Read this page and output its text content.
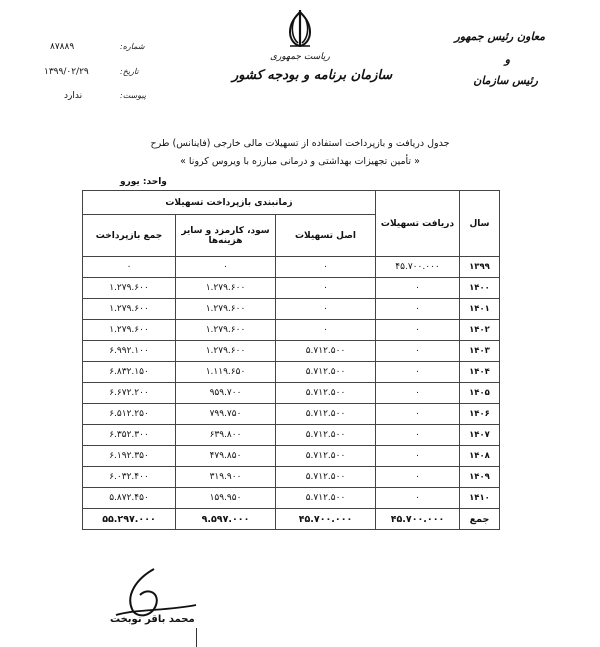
۸۷۸۸۹	شماره:
۱۳۹۹/۰۲/۲۹	تاریخ:
ندارد	پیوست:
ریاست جمهوری
سازمان برنامه و بودجه کشور
معاون رئیس جمهور
و
رئیس سازمان
جدول دریافت و بازپرداخت استفاده از تسهیلات مالی خارجی (فاینانس) طرح
« تأمین تجهیزات بهداشتی و درمانی مبارزه با ویروس کرونا »
واحد: یورو
سال	دریافت تسهیلات	زمانبندی بازپرداخت تسهیلات		
		اصل تسهیلات	سود، کارمزد و سایر هزینه‌ها	جمع بازپرداخت
۱۳۹۹	۴۵.۷۰۰.۰۰۰	۰	۰	۰
۱۴۰۰	۰	۰	۱.۲۷۹.۶۰۰	۱.۲۷۹.۶۰۰
۱۴۰۱	۰	۰	۱.۲۷۹.۶۰۰	۱.۲۷۹.۶۰۰
۱۴۰۲	۰	۰	۱.۲۷۹.۶۰۰	۱.۲۷۹.۶۰۰
۱۴۰۳	۰	۵.۷۱۲.۵۰۰	۱.۲۷۹.۶۰۰	۶.۹۹۲.۱۰۰
۱۴۰۴	۰	۵.۷۱۲.۵۰۰	۱.۱۱۹.۶۵۰	۶.۸۳۲.۱۵۰
۱۴۰۵	۰	۵.۷۱۲.۵۰۰	۹۵۹.۷۰۰	۶.۶۷۲.۲۰۰
۱۴۰۶	۰	۵.۷۱۲.۵۰۰	۷۹۹.۷۵۰	۶.۵۱۲.۲۵۰
۱۴۰۷	۰	۵.۷۱۲.۵۰۰	۶۳۹.۸۰۰	۶.۳۵۲.۳۰۰
۱۴۰۸	۰	۵.۷۱۲.۵۰۰	۴۷۹.۸۵۰	۶.۱۹۲.۳۵۰
۱۴۰۹	۰	۵.۷۱۲.۵۰۰	۳۱۹.۹۰۰	۶.۰۳۲.۴۰۰
۱۴۱۰	۰	۵.۷۱۲.۵۰۰	۱۵۹.۹۵۰	۵.۸۷۲.۴۵۰
جمع	۴۵.۷۰۰.۰۰۰	۴۵.۷۰۰.۰۰۰	۹.۵۹۷.۰۰۰	۵۵.۲۹۷.۰۰۰
محمد باقر نوبخت
